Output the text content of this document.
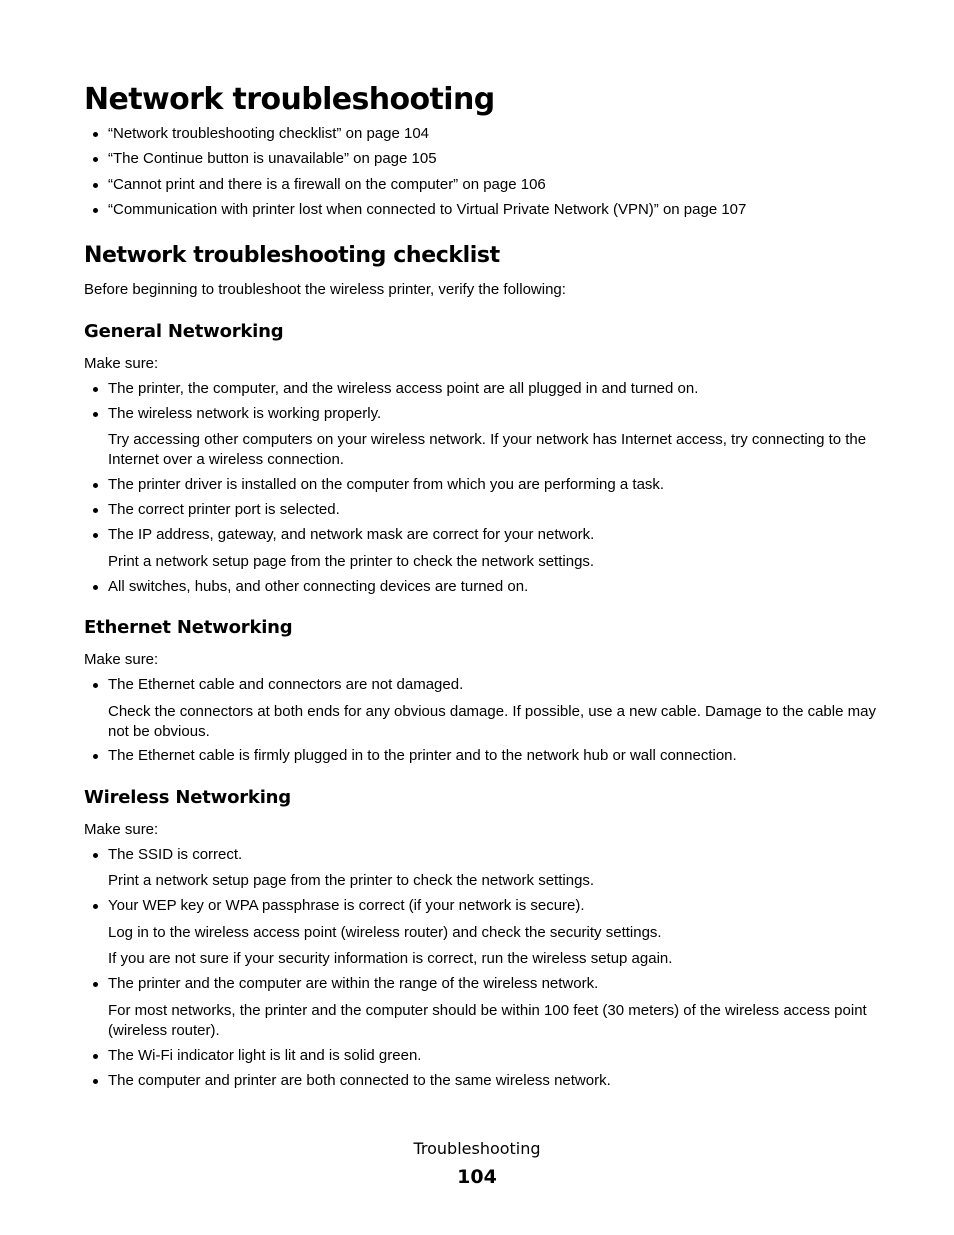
Network troubleshooting

“Network troubleshooting checklist” on page 104

“The Continue button is unavailable” on page 105

“Cannot print and there is a firewall on the computer” on page 106

“Communication with printer lost when connected to Virtual Private Network (VPN)” on page 107

Network troubleshooting checklist

Before beginning to troubleshoot the wireless printer, verify the following:

General Networking

Make sure:

The printer, the computer, and the wireless access point are all plugged in and turned on.

The wireless network is working properly.

Try accessing other computers on your wireless network. If your network has Internet access, try connecting to the Internet over a wireless connection.

The printer driver is installed on the computer from which you are performing a task.

The correct printer port is selected.

The IP address, gateway, and network mask are correct for your network.

Print a network setup page from the printer to check the network settings.

All switches, hubs, and other connecting devices are turned on.

Ethernet Networking

Make sure:

The Ethernet cable and connectors are not damaged.

Check the connectors at both ends for any obvious damage. If possible, use a new cable. Damage to the cable may not be obvious.

The Ethernet cable is firmly plugged in to the printer and to the network hub or wall connection.

Wireless Networking

Make sure:

The SSID is correct.

Print a network setup page from the printer to check the network settings.

Your WEP key or WPA passphrase is correct (if your network is secure).

Log in to the wireless access point (wireless router) and check the security settings.

If you are not sure if your security information is correct, run the wireless setup again.

The printer and the computer are within the range of the wireless network.

For most networks, the printer and the computer should be within 100 feet (30 meters) of the wireless access point (wireless router).

The Wi-Fi indicator light is lit and is solid green.

The computer and printer are both connected to the same wireless network.

Troubleshooting
104
